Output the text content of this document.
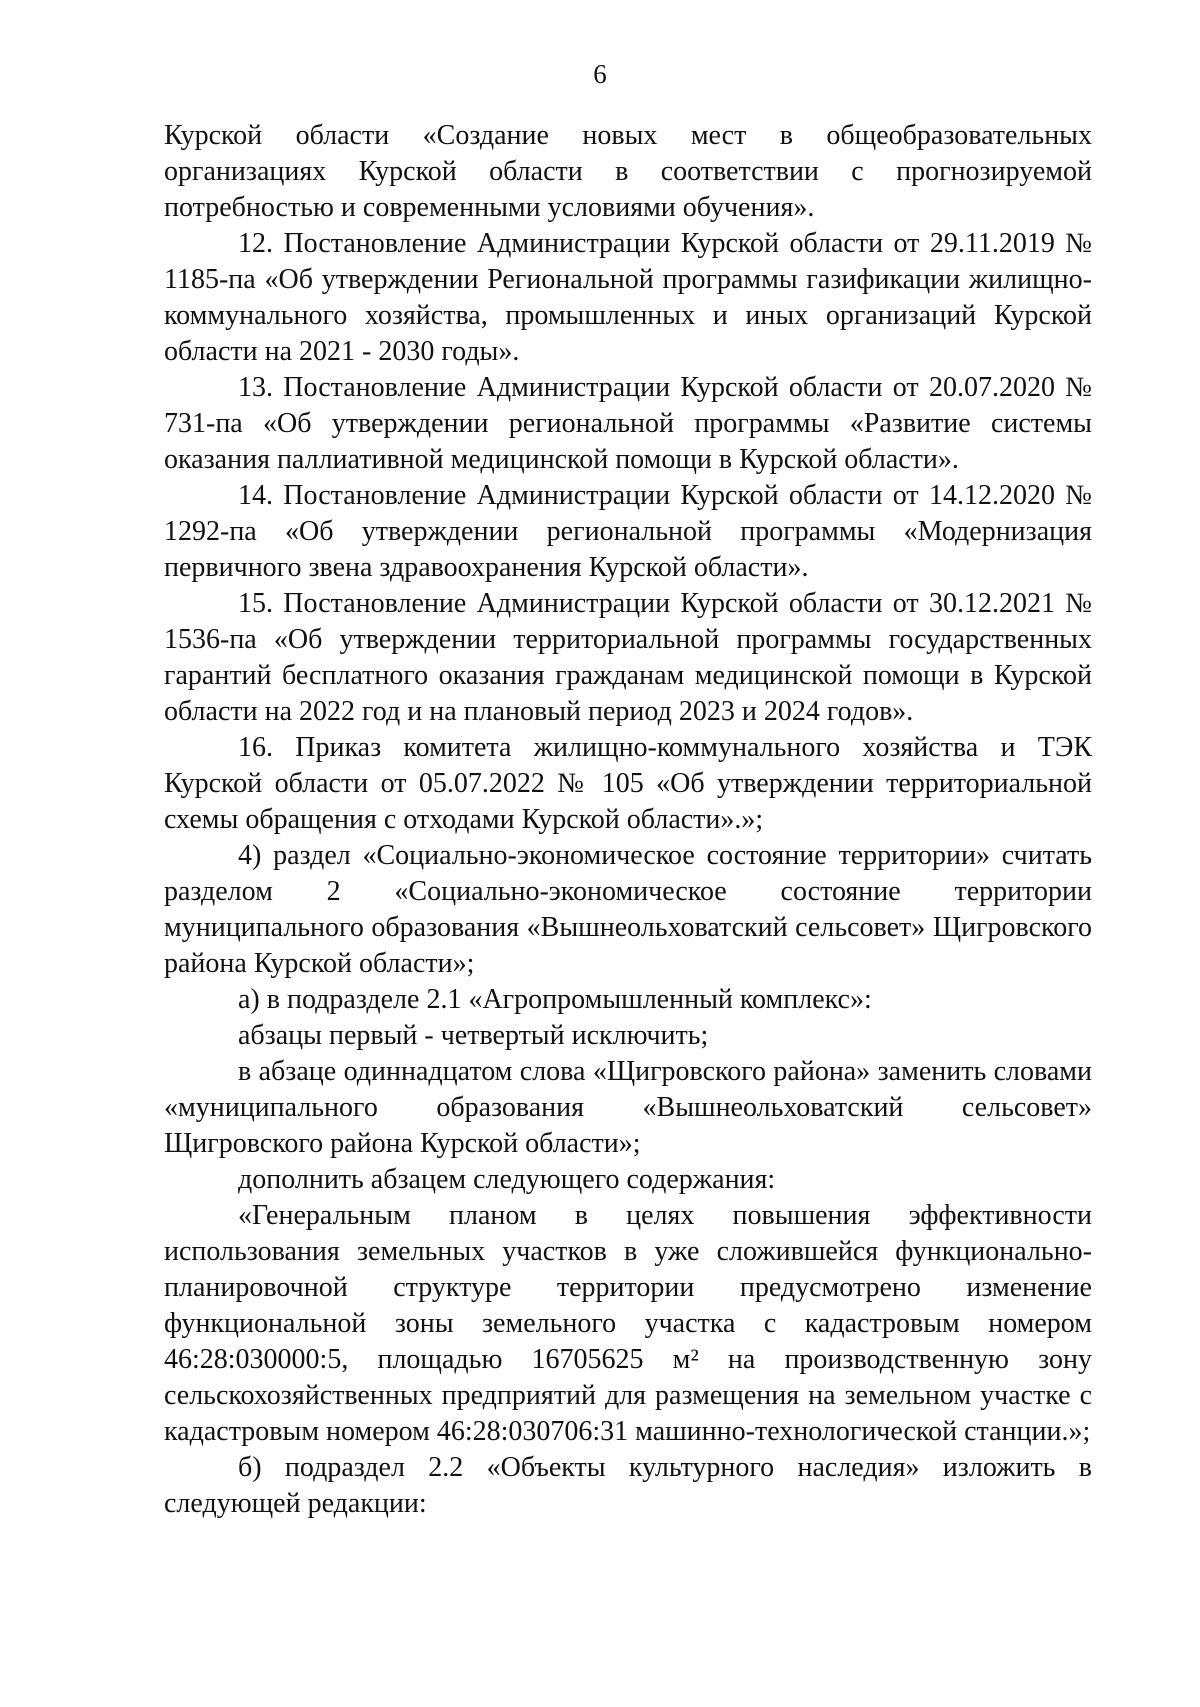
6

Курской области «Создание новых мест в общеобразовательных организациях Курской области в соответствии с прогнозируемой потребностью и современными условиями обучения».

12. Постановление Администрации Курской области от 29.11.2019 № 1185-па «Об утверждении Региональной программы газификации жилищно-коммунального хозяйства, промышленных и иных организаций Курской области на 2021 - 2030 годы».

13. Постановление Администрации Курской области от 20.07.2020 № 731-па «Об утверждении региональной программы «Развитие системы оказания паллиативной медицинской помощи в Курской области».

14. Постановление Администрации Курской области от 14.12.2020 № 1292-па «Об утверждении региональной программы «Модернизация первичного звена здравоохранения Курской области».

15. Постановление Администрации Курской области от 30.12.2021 № 1536-па «Об утверждении территориальной программы государственных гарантий бесплатного оказания гражданам медицинской помощи в Курской области на 2022 год и на плановый период 2023 и 2024 годов».

16. Приказ комитета жилищно-коммунального хозяйства и ТЭК Курской области от 05.07.2022 № 105 «Об утверждении территориальной схемы обращения с отходами Курской области».»;

4) раздел «Социально-экономическое состояние территории» считать разделом 2 «Социально-экономическое состояние территории муниципального образования «Вышнеольховатский сельсовет» Щигровского района Курской области»;

а) в подразделе 2.1 «Агропромышленный комплекс»:

абзацы первый - четвертый исключить;

в абзаце одиннадцатом слова «Щигровского района» заменить словами «муниципального образования «Вышнеольховатский сельсовет» Щигровского района Курской области»;

дополнить абзацем следующего содержания:

«Генеральным планом в целях повышения эффективности использования земельных участков в уже сложившейся функционально-планировочной структуре территории предусмотрено изменение функциональной зоны земельного участка с кадастровым номером 46:28:030000:5, площадью 16705625 м² на производственную зону сельскохозяйственных предприятий для размещения на земельном участке с кадастровым номером 46:28:030706:31 машинно-технологической станции.»;

б) подраздел 2.2 «Объекты культурного наследия» изложить в следующей редакции:
